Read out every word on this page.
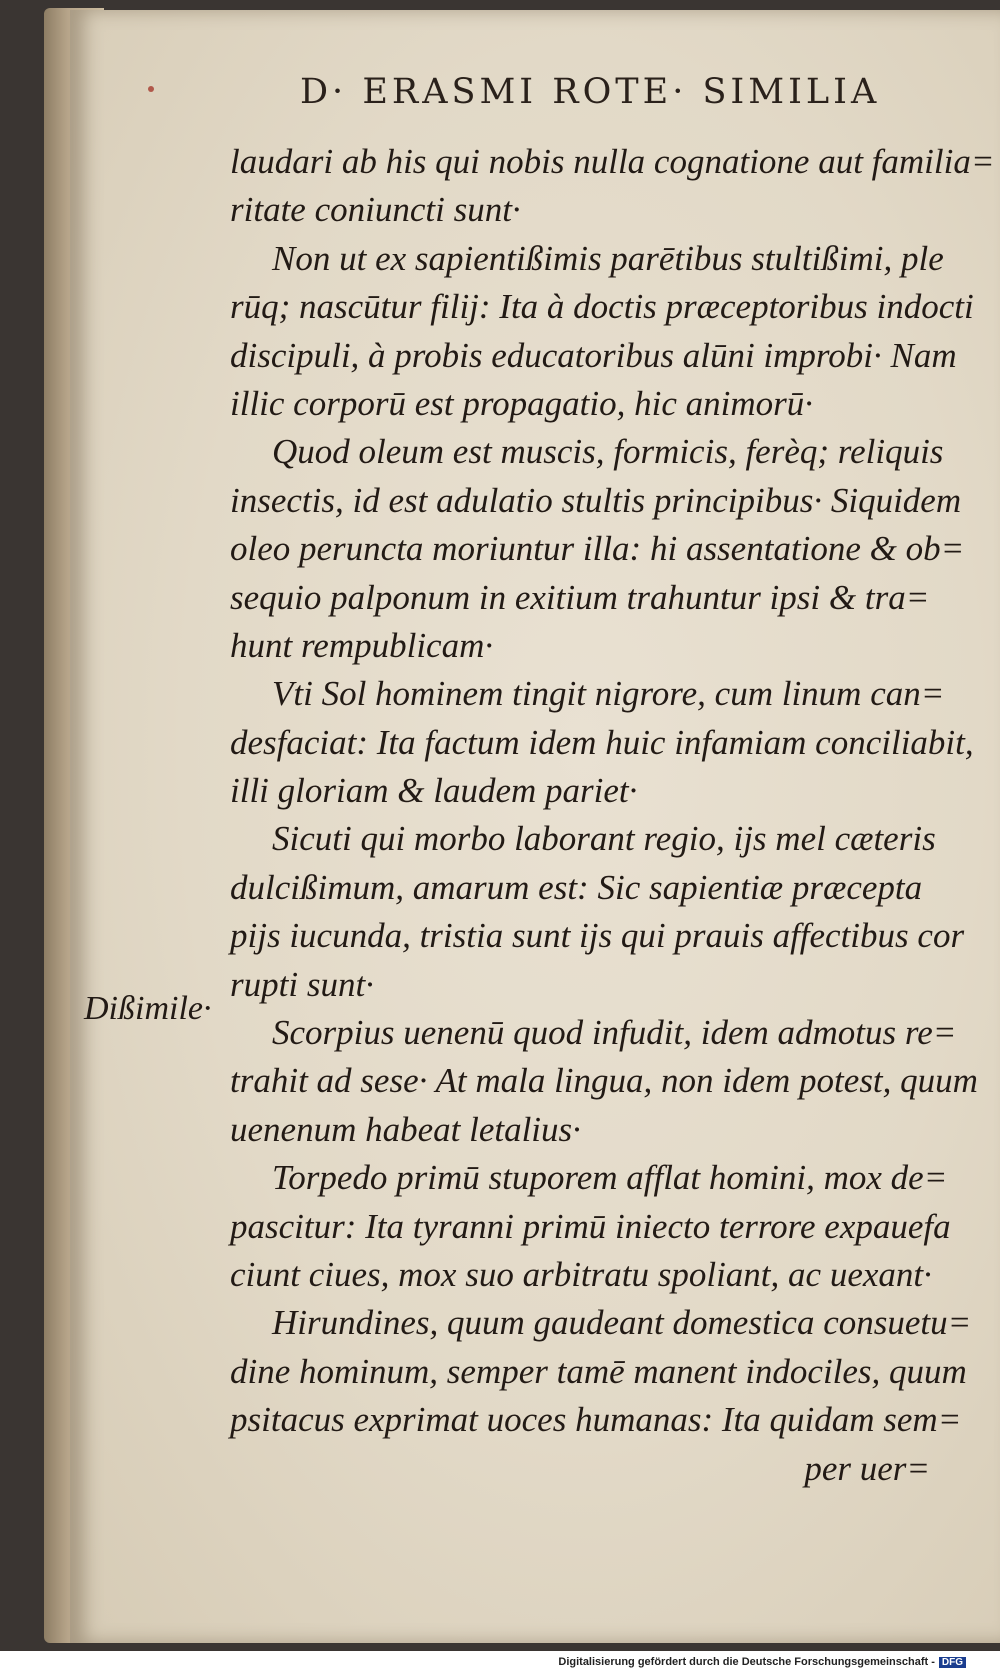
D· ERASMI ROTE· SIMILIA
Dißimile·
laudari ab his qui nobis nulla cognatione aut familia=
ritate coniuncti sunt·
Non ut ex sapientißimis parētibus stultißimi, ple
rūq; nascūtur filij: Ita à doctis præceptoribus indocti
discipuli, à probis educatoribus alūni improbi· Nam
illic corporū est propagatio, hic animorū·
Quod oleum est muscis, formicis, ferèq; reliquis
insectis, id est adulatio stultis principibus· Siquidem
oleo peruncta moriuntur illa: hi assentatione & ob=
sequio palponum in exitium trahuntur ipsi & tra=
hunt rempublicam·
Vti Sol hominem tingit nigrore, cum linum can=
desfaciat: Ita factum idem huic infamiam conciliabit,
illi gloriam & laudem pariet·
Sicuti qui morbo laborant regio, ijs mel cæteris
dulcißimum, amarum est: Sic sapientiæ præcepta
pijs iucunda, tristia sunt ijs qui prauis affectibus cor
rupti sunt·
Scorpius uenenū quod infudit, idem admotus re=
trahit ad sese· At mala lingua, non idem potest, quum
uenenum habeat letalius·
Torpedo primū stuporem afflat homini, mox de=
pascitur: Ita tyranni primū iniecto terrore expauefa
ciunt ciues, mox suo arbitratu spoliant, ac uexant·
Hirundines, quum gaudeant domestica consuetu=
dine hominum, semper tamē manent indociles, quum
psitacus exprimat uoces humanas: Ita quidam sem=
per uer=
Digitalisierung gefördert durch die Deutsche Forschungsgemeinschaft - DFG
